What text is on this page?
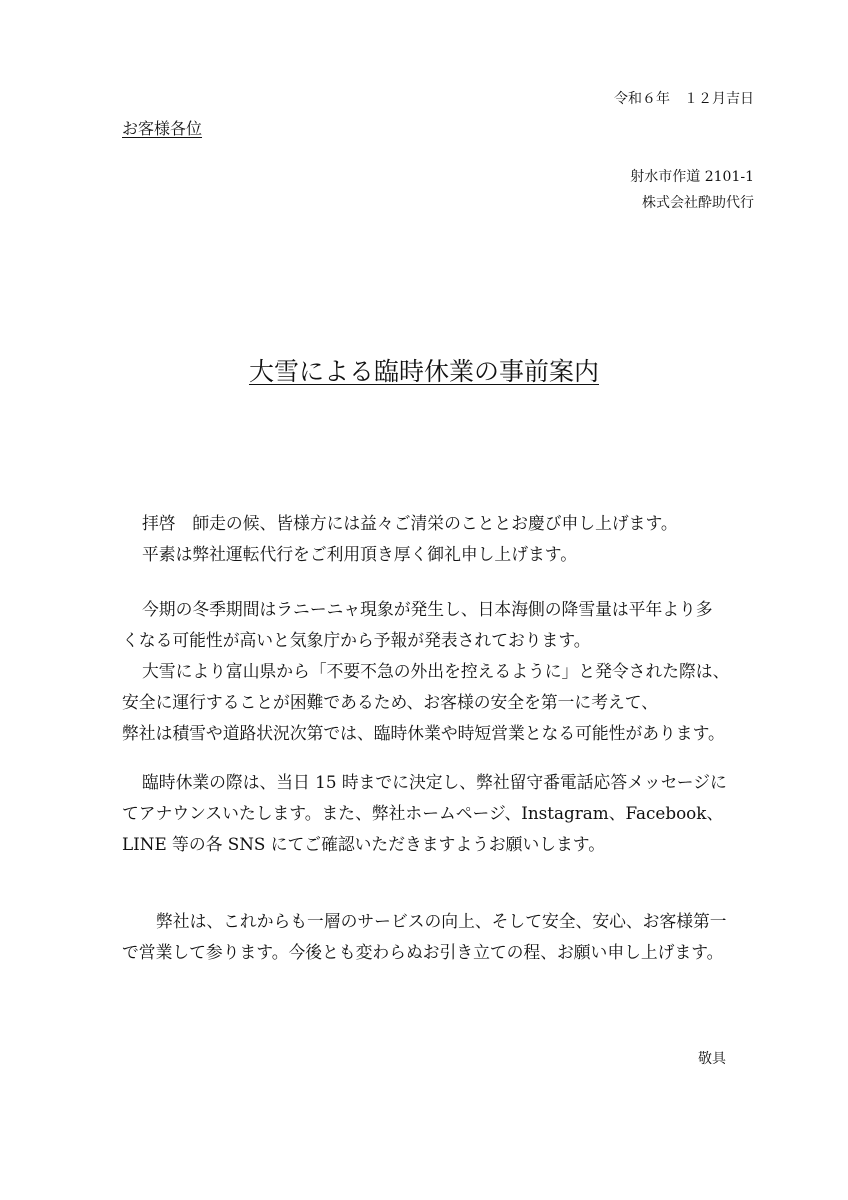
令和６年　１２月吉日
お客様各位
射水市作道 2101-1
株式会社酔助代行
大雪による臨時休業の事前案内
拝啓　師走の候、皆様方には益々ご清栄のこととお慶び申し上げます。
平素は弊社運転代行をご利用頂き厚く御礼申し上げます。
今期の冬季期間はラニーニャ現象が発生し、日本海側の降雪量は平年より多
くなる可能性が高いと気象庁から予報が発表されております。
大雪により富山県から「不要不急の外出を控えるように」と発令された際は、
安全に運行することが困難であるため、お客様の安全を第一に考えて、
弊社は積雪や道路状況次第では、臨時休業や時短営業となる可能性があります。
臨時休業の際は、当日 15 時までに決定し、弊社留守番電話応答メッセージに
てアナウンスいたします。また、弊社ホームページ、Instagram、Facebook、
LINE 等の各 SNS にてご確認いただきますようお願いします。
弊社は、これからも一層のサービスの向上、そして安全、安心、お客様第一
で営業して参ります。今後とも変わらぬお引き立ての程、お願い申し上げます。
敬具
